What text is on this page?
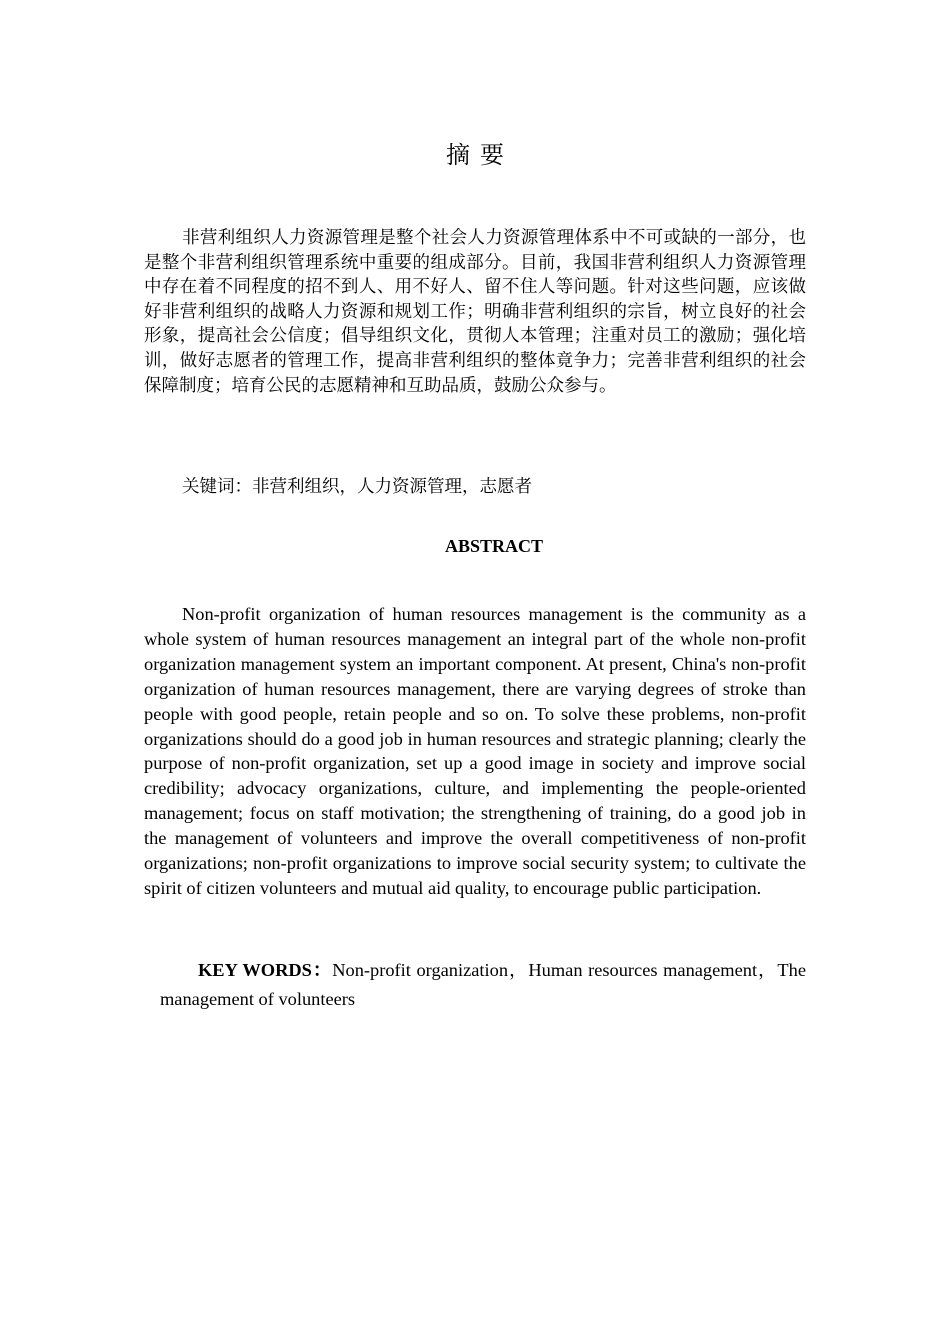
摘要

非营利组织人力资源管理是整个社会人力资源管理体系中不可或缺的一部分，也是整个非营利组织管理系统中重要的组成部分。目前，我国非营利组织人力资源管理中存在着不同程度的招不到人、用不好人、留不住人等问题。针对这些问题，应该做好非营利组织的战略人力资源和规划工作；明确非营利组织的宗旨，树立良好的社会形象，提高社会公信度；倡导组织文化，贯彻人本管理；注重对员工的激励；强化培训，做好志愿者的管理工作，提高非营利组织的整体竟争力；完善非营利组织的社会保障制度；培育公民的志愿精神和互助品质，鼓励公众参与。

关键词：非营利组织，人力资源管理，志愿者

ABSTRACT

Non-profit organization of human resources management is the community as a whole system of human resources management an integral part of the whole non-profit organization management system an important component. At present, China's non-profit organization of human resources management, there are varying degrees of stroke than people with good people, retain people and so on. To solve these problems, non-profit organizations should do a good job in human resources and strategic planning; clearly the purpose of non-profit organization, set up a good image in society and improve social credibility; advocacy organizations, culture, and implementing the people-oriented management; focus on staff motivation; the strengthening of training, do a good job in the management of volunteers and improve the overall competitiveness of non-profit organizations; non-profit organizations to improve social security system; to cultivate the spirit of citizen volunteers and mutual aid quality, to encourage public participation.

KEY WORDS：Non-profit organization，Human resources management，The management of volunteers
